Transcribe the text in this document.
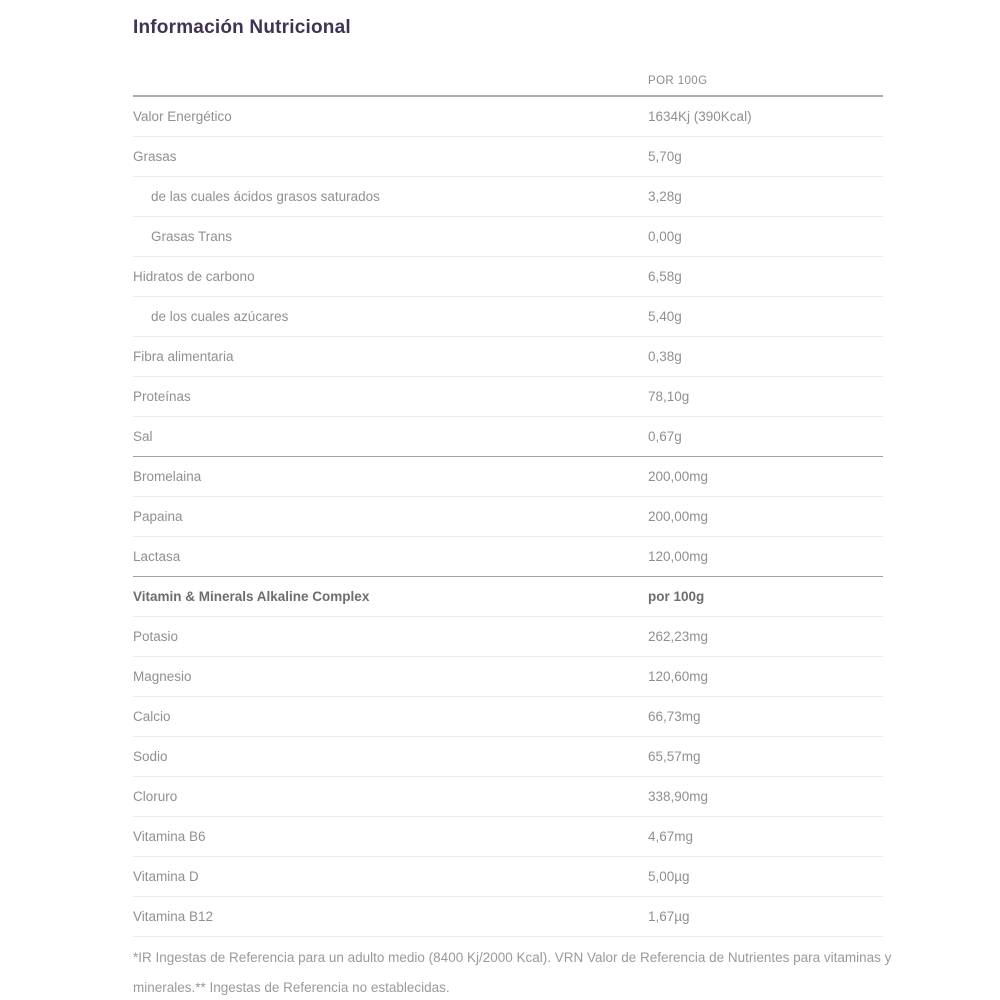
Información Nutricional
POR 100G
Valor Energético	1634Kj (390Kcal)
Grasas	5,70g
de las cuales ácidos grasos saturados	3,28g
Grasas Trans	0,00g
Hidratos de carbono	6,58g
de los cuales azúcares	5,40g
Fibra alimentaria	0,38g
Proteínas	78,10g
Sal	0,67g
Bromelaina	200,00mg
Papaina	200,00mg
Lactasa	120,00mg
Vitamin & Minerals Alkaline Complex	por 100g
Potasio	262,23mg
Magnesio	120,60mg
Calcio	66,73mg
Sodio	65,57mg
Cloruro	338,90mg
Vitamina B6	4,67mg
Vitamina D	5,00µg
Vitamina B12	1,67µg

*IR Ingestas de Referencia para un adulto medio (8400 Kj/2000 Kcal). VRN Valor de Referencia de Nutrientes para vitaminas y minerales.** Ingestas de Referencia no establecidas.
